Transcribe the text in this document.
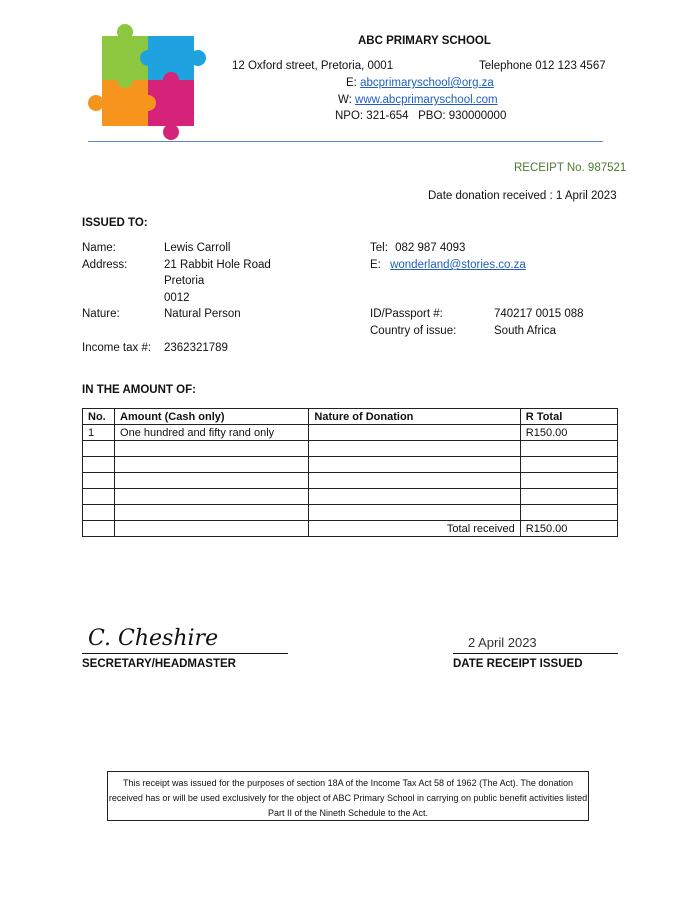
ABC PRIMARY SCHOOL
12 Oxford street, Pretoria, 0001	Telephone 012 123 4567
E: abcprimaryschool@org.za
W: www.abcprimaryschool.com
NPO: 321-654   PBO: 930000000
RECEIPT No. 987521
Date donation received : 1 April 2023
ISSUED TO:
Name:	Lewis Carroll
Address:	21 Rabbit Hole Road
Pretoria
0012
Nature:	Natural Person
Income tax #: 2362321789
Tel: 082 987 4093
E: wonderland@stories.co.za
ID/Passport #:	740217 0015 088
Country of issue:	South Africa
IN THE AMOUNT OF:
No.	Amount (Cash only)	Nature of Donation	R Total
1	One hundred and fifty rand only		R150.00

		Total received	R150.00
C. Cheshire
SECRETARY/HEADMASTER
2 April 2023
DATE RECEIPT ISSUED
This receipt was issued for the purposes of section 18A of the Income Tax Act 58 of 1962 (The Act). The donation received has or will be used exclusively for the object of ABC Primary School in carrying on public benefit activities listed Part II of the Nineth Schedule to the Act.
